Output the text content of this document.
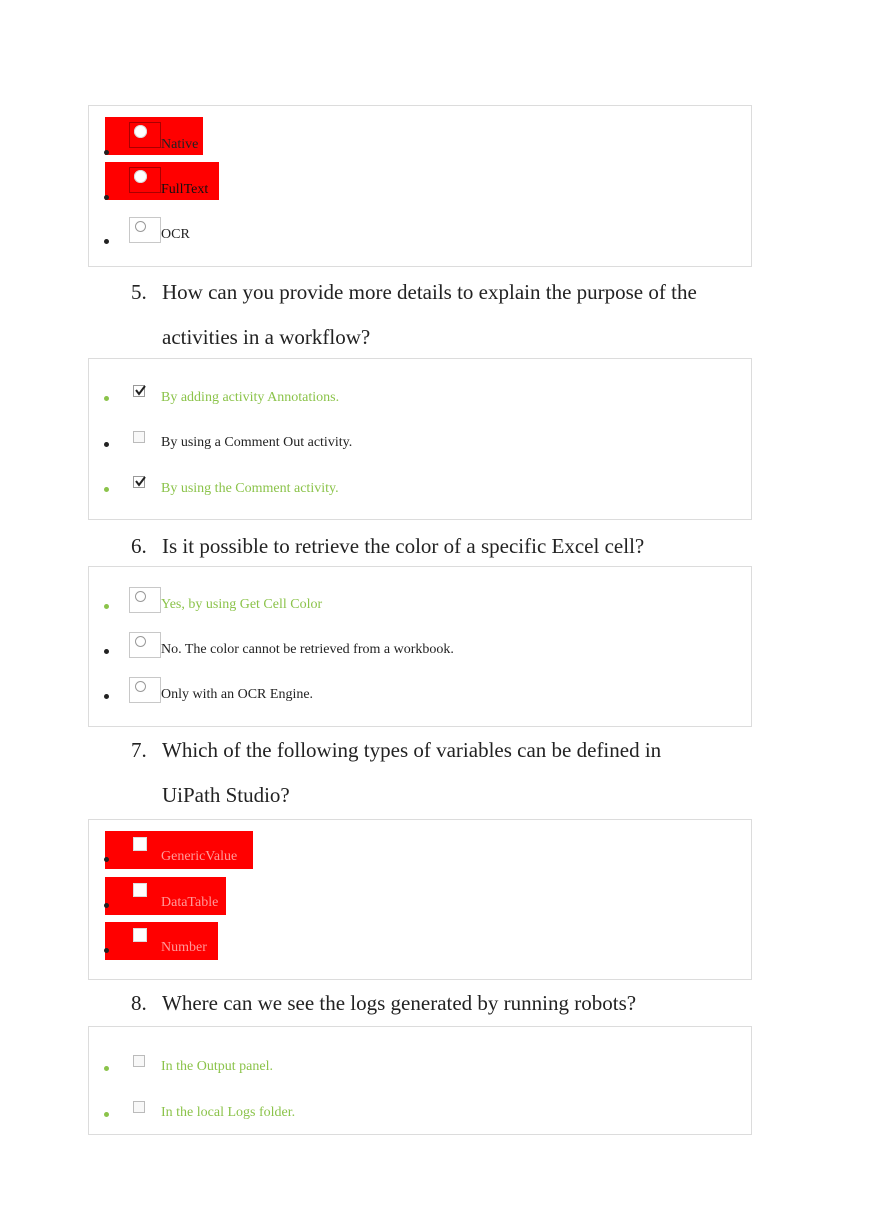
Native
FullText
OCR
5. How can you provide more details to explain the purpose of the
activities in a workflow?
By adding activity Annotations.
By using a Comment Out activity.
By using the Comment activity.
6. Is it possible to retrieve the color of a specific Excel cell?
Yes, by using Get Cell Color
No. The color cannot be retrieved from a workbook.
Only with an OCR Engine.
7. Which of the following types of variables can be defined in
UiPath Studio?
GenericValue
DataTable
Number
8. Where can we see the logs generated by running robots?
In the Output panel.
In the local Logs folder.
